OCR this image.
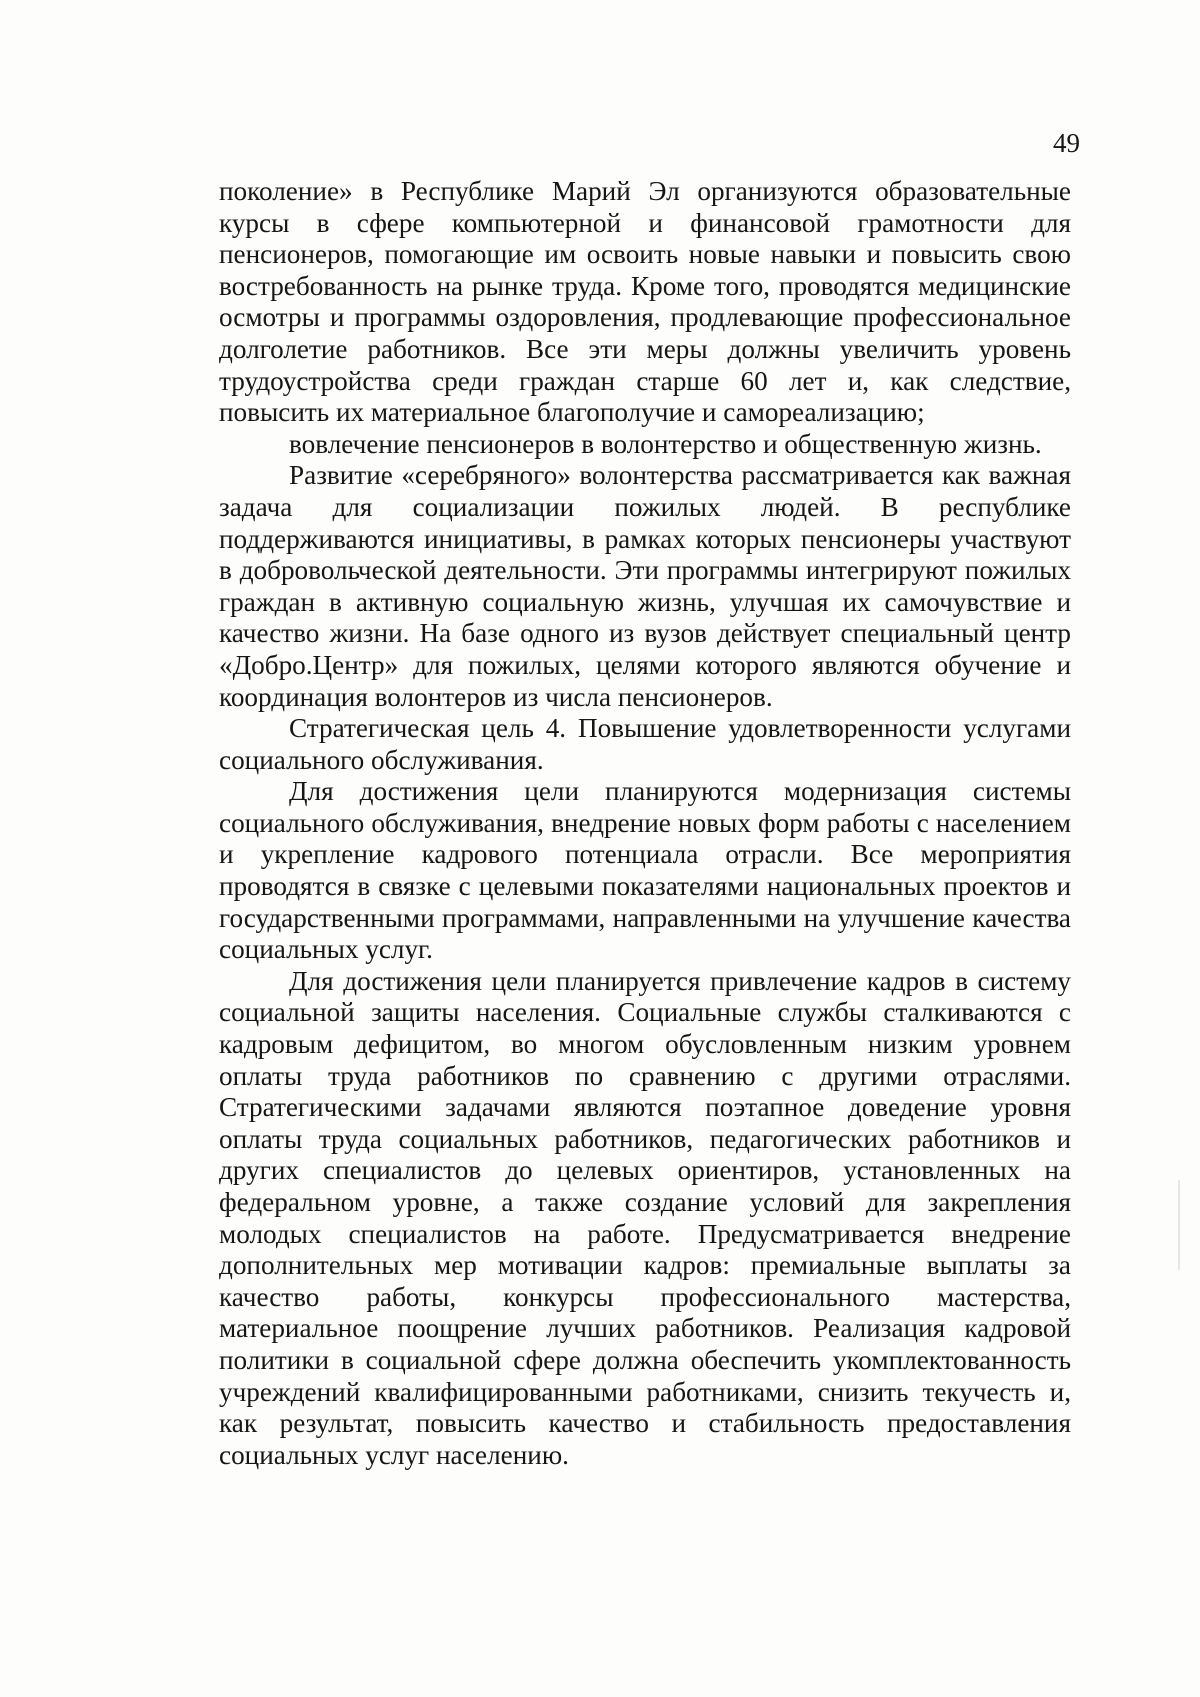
49

поколение» в Республике Марий Эл организуются образовательные курсы в сфере компьютерной и финансовой грамотности для пенсионеров, помогающие им освоить новые навыки и повысить свою востребованность на рынке труда. Кроме того, проводятся медицинские осмотры и программы оздоровления, продлевающие профессиональное долголетие работников. Все эти меры должны увеличить уровень трудоустройства среди граждан старше 60 лет и, как следствие, повысить их материальное благополучие и самореализацию;

вовлечение пенсионеров в волонтерство и общественную жизнь.

Развитие «серебряного» волонтерства рассматривается как важная задача для социализации пожилых людей. В республике поддерживаются инициативы, в рамках которых пенсионеры участвуют в добровольческой деятельности. Эти программы интегрируют пожилых граждан в активную социальную жизнь, улучшая их самочувствие и качество жизни. На базе одного из вузов действует специальный центр «Добро.Центр» для пожилых, целями которого являются обучение и координация волонтеров из числа пенсионеров.

Стратегическая цель 4. Повышение удовлетворенности услугами социального обслуживания.

Для достижения цели планируются модернизация системы социального обслуживания, внедрение новых форм работы с населением и укрепление кадрового потенциала отрасли. Все мероприятия проводятся в связке с целевыми показателями национальных проектов и государственными программами, направленными на улучшение качества социальных услуг.

Для достижения цели планируется привлечение кадров в систему социальной защиты населения. Социальные службы сталкиваются с кадровым дефицитом, во многом обусловленным низким уровнем оплаты труда работников по сравнению с другими отраслями. Стратегическими задачами являются поэтапное доведение уровня оплаты труда социальных работников, педагогических работников и других специалистов до целевых ориентиров, установленных на федеральном уровне, а также создание условий для закрепления молодых специалистов на работе. Предусматривается внедрение дополнительных мер мотивации кадров: премиальные выплаты за качество работы, конкурсы профессионального мастерства, материальное поощрение лучших работников. Реализация кадровой политики в социальной сфере должна обеспечить укомплектованность учреждений квалифицированными работниками, снизить текучесть и, как результат, повысить качество и стабильность предоставления социальных услуг населению.
